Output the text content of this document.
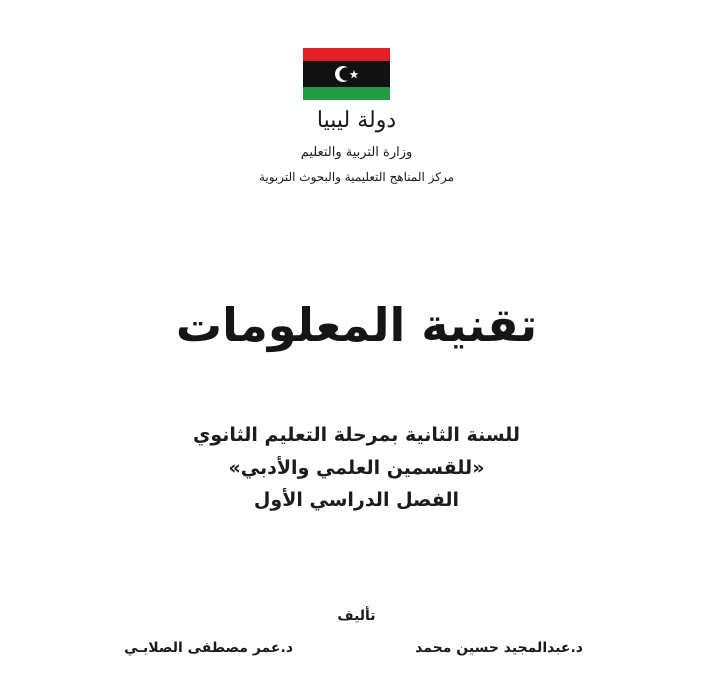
دولة ليبيا
وزارة التربية والتعليم
مركز المناهج التعليمية والبحوث التربوية
تقنية المعلومات
للسنة الثانية بمرحلة التعليم الثانوي
«للقسمين العلمي والأدبي»
الفصل الدراسي الأول
تأليف
د.عبدالمجيد حسين محمد
د.عمر مصطفى الصلابـي
